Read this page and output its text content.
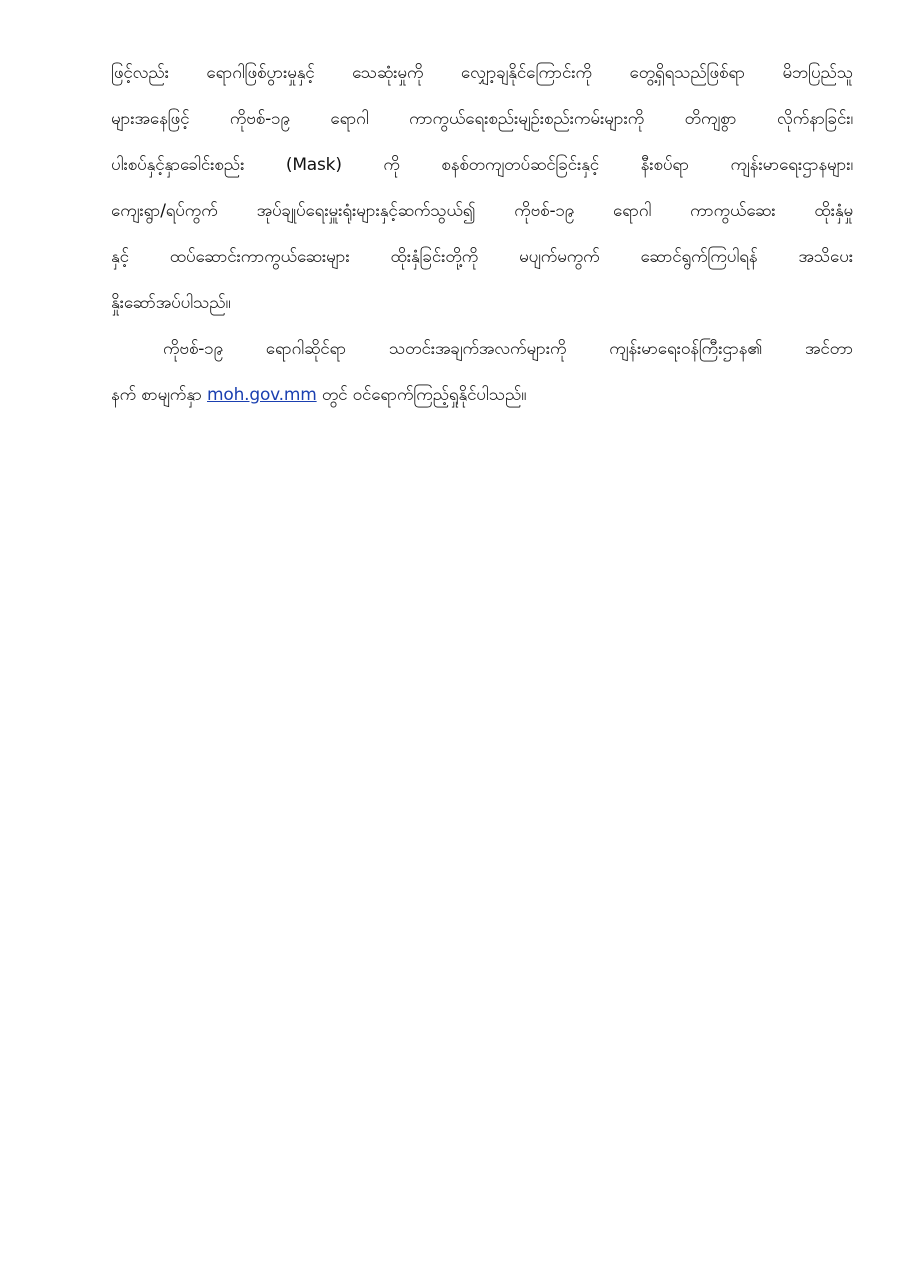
ဖြင့်လည်း ရောဂါဖြစ်ပွားမှုနှင့် သေဆုံးမှုကို လျှော့ချနိုင်ကြောင်းကို တွေ့ရှိရသည်ဖြစ်ရာ မိဘပြည်သူ
များအနေဖြင့် ကိုဗစ်-၁၉ ရောဂါ ကာကွယ်ရေးစည်းမျဉ်းစည်းကမ်းများကို တိကျစွာ လိုက်နာခြင်း၊
ပါးစပ်နှင့်နှာခေါင်းစည်း (Mask) ကို စနစ်တကျတပ်ဆင်ခြင်းနှင့် နီးစပ်ရာ ကျန်းမာရေးဌာနများ၊
ကျေးရွာ/ရပ်ကွက် အုပ်ချုပ်ရေးမှူးရုံးများနှင့်ဆက်သွယ်၍ ကိုဗစ်-၁၉ ရောဂါ ကာကွယ်ဆေး ထိုးနှံမှု
နှင့် ထပ်ဆောင်းကာကွယ်ဆေးများ ထိုးနှံခြင်းတို့ကို မပျက်မကွက် ဆောင်ရွက်ကြပါရန် အသိပေး
နှိုးဆော်အပ်ပါသည်။
ကိုဗစ်-၁၉ ရောဂါဆိုင်ရာ သတင်းအချက်အလက်များကို ကျန်းမာရေးဝန်ကြီးဌာန၏ အင်တာ
နက် စာမျက်နှာ moh.gov.mm တွင် ဝင်ရောက်ကြည့်ရှုနိုင်ပါသည်။
